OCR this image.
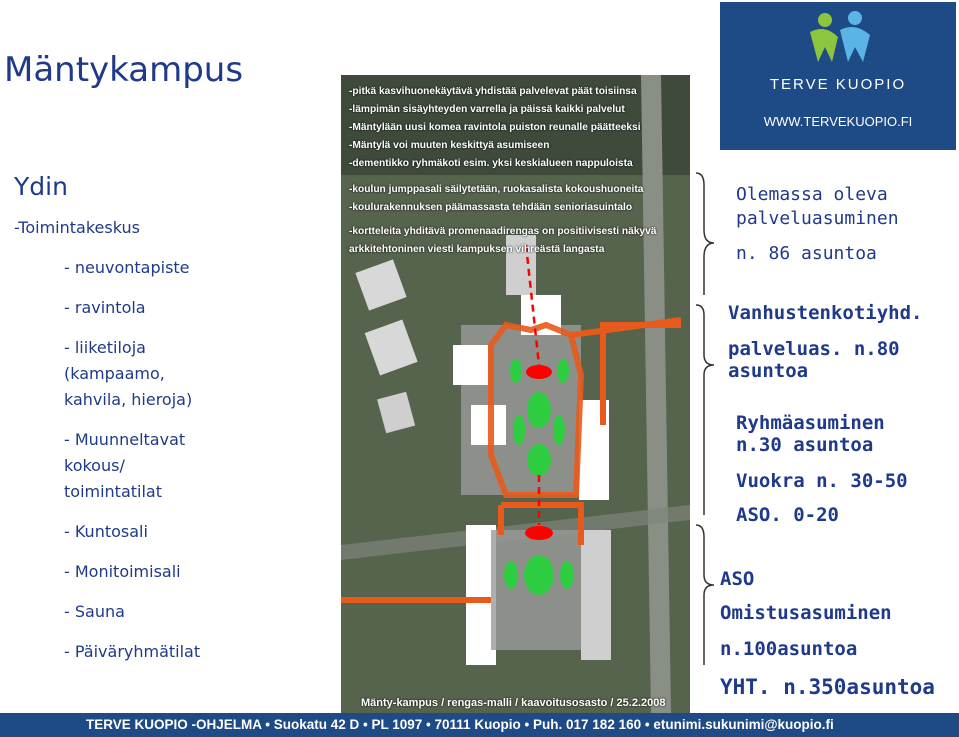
Mäntykampus
Ydin
-Toimintakeskus
- neuvontapiste
- ravintola
- liiketiloja
(kampaamo,
kahvila, hieroja)
- Muunneltavat
kokous/
toimintatilat
- Kuntosali
- Monitoimisali
- Sauna
- Päiväryhmätilat
-pitkä kasvihuonekäytävä yhdistää palvelevat päät toisiinsa
-lämpimän sisäyhteyden varrella ja päissä kaikki palvelut
-Mäntylään uusi komea ravintola puiston reunalle päätteeksi
-Mäntylä voi muuten keskittyä asumiseen
-dementikko ryhmäkoti esim. yksi keskialueen nappuloista
-koulun jumppasali säilytetään, ruokasalista kokoushuoneita
-koulurakennuksen päämassasta tehdään senioriasuintalo
-kortteleita yhditävä promenaadirengas on positiivisesti näkyvä
arkkitehtoninen viesti kampuksen vihreästä langasta
Mänty-kampus / rengas-malli / kaavoitusosasto / 25.2.2008
TERVE KUOPIO
WWW.TERVEKUOPIO.FI
Olemassa oleva
palveluasuminen
n. 86 asuntoa
Vanhustenkotiyhd.
palveluas. n.80
asuntoa
Ryhmäasuminen
n.30 asuntoa
Vuokra n. 30-50
ASO. 0-20
ASO
Omistusasuminen
n.100asuntoa
YHT. n.350asuntoa
TERVE KUOPIO -OHJELMA • Suokatu 42 D • PL 1097 • 70111 Kuopio • Puh. 017 182 160 • etunimi.sukunimi@kuopio.fi
